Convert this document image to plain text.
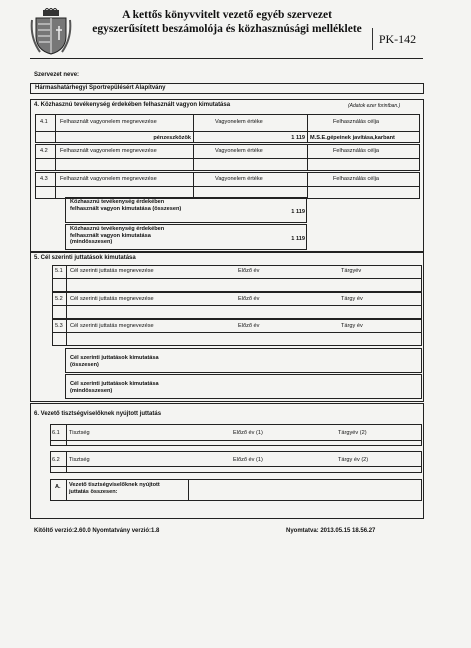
A kettős könyvvitelt vezető egyéb szervezet
egyszerűsített beszámolója és közhasznúsági melléklete
PK-142
Szervezet neve:
Hármashatárhegyi Sportrepülésért Alapítvány
4. Közhasznú tevékenység érdekében felhasznált vagyon kimutatása	(Adatok ezer forintban.)
4.1 Felhasznált vagyonelem megnevezése	Vagyonelem értéke	Felhasználás célja
pénzeszközök	1 119 M.S.E.gépeinek javítása,karbant
4.2 Felhasznált vagyonelem megnevezése	Vagyonelem értéke	Felhasználás célja
4.3 Felhasznált vagyonelem megnevezése	Vagyonelem értéke	Felhasználás célja
Közhasznú tevékenység érdekében felhasznált vagyon kimutatása (összesen)
1 119
Közhasznú tevékenység érdekében felhasznált vagyon kimutatása (mindösszesen)	1 119
5. Cél szerinti juttatások kimutatása
5.1 Cél szerinti juttatás megnevezése	Előző év	Tárgyév
5.2 Cél szerinti juttatás megnevezése	Előző év	Tárgy év
5.3 Cél szerinti juttatás megnevezése	Előző év	Tárgy év
Cél szerinti juttatások kimutatása (összesen)
Cél szerinti juttatások kimutatása (mindösszesen)
6. Vezető tisztségviselőknek nyújtott juttatás
6.1 Tisztség	Előző év (1)	Tárgyév (2)
6.2 Tisztség	Előző év (1)	Tárgy év (2)
A. Vezető tisztségviselőknek nyújtott juttatás összesen:
Kitöltő verzió:2.60.0 Nyomtatvány verzió:1.8	Nyomtatva: 2013.05.15 18.56.27
